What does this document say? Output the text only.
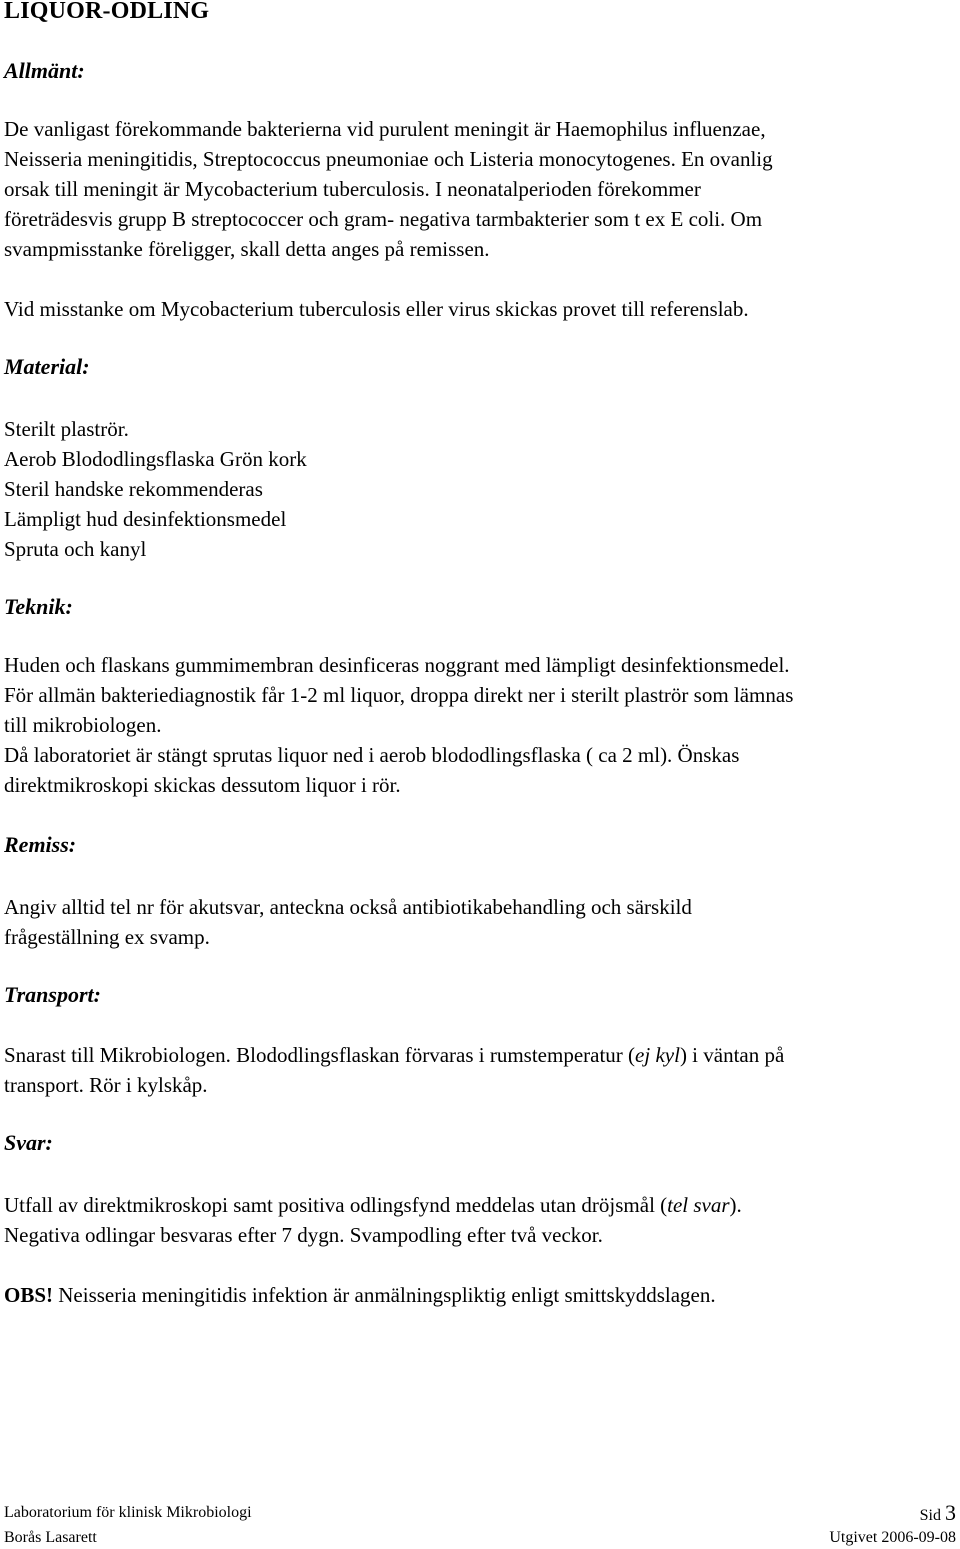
LIQUOR-ODLING
Allmänt:

De vanligast förekommande bakterierna vid purulent meningit är Haemophilus influenzae,
Neisseria meningitidis, Streptococcus pneumoniae och Listeria monocytogenes. En ovanlig
orsak till meningit är Mycobacterium tuberculosis. I neonatalperioden förekommer
företrädesvis grupp B streptococcer och gram- negativa tarmbakterier som t ex E coli. Om
svampmisstanke föreligger, skall detta anges på remissen.

Vid misstanke om Mycobacterium tuberculosis eller virus skickas provet till referenslab.

Material:

Sterilt plaströr.
Aerob Blododlingsflaska Grön kork
Steril handske rekommenderas
Lämpligt hud desinfektionsmedel
Spruta och kanyl

Teknik:

Huden och flaskans gummimembran desinficeras noggrant med lämpligt desinfektionsmedel.
För allmän bakteriediagnostik får 1-2 ml liquor, droppa direkt ner i sterilt plaströr som lämnas
till mikrobiologen.
Då laboratoriet är stängt sprutas liquor ned i aerob blododlingsflaska ( ca 2 ml). Önskas
direktmikroskopi skickas dessutom liquor i rör.

Remiss:

Angiv alltid tel nr för akutsvar, anteckna också antibiotikabehandling och särskild
frågeställning ex svamp.

Transport:

Snarast till Mikrobiologen. Blododlingsflaskan förvaras i rumstemperatur (ej kyl) i väntan på
transport. Rör i kylskåp.

Svar:

Utfall av direktmikroskopi samt positiva odlingsfynd meddelas utan dröjsmål (tel svar).
Negativa odlingar besvaras efter 7 dygn. Svampodling efter två veckor.

OBS! Neisseria meningitidis infektion är anmälningspliktig enligt smittskyddslagen.

Laboratorium för klinisk Mikrobiologi	Sid 3
Borås Lasarett	Utgivet 2006-09-08
